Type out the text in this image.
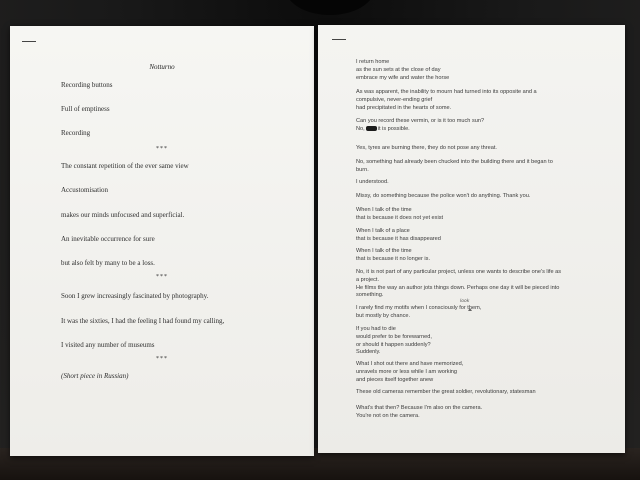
Notturno
Recording buttons
Full of emptiness
Recording
***
The constant repetition of the ever same view
Accustomisation
makes our minds unfocused and superficial.
An inevitable occurrence for sure
but also felt by many to be a loss.
***
Soon I grew increasingly fascinated by photography.
It was the sixties, I had the feeling I had found my calling,
I visited any number of museums
***
(Short piece in Russian)
I return home
as the sun sets at the close of day
embrace my wife and water the horse
As was apparent, the inability to mourn had turned into its opposite and a
compulsive, never-ending grief
had precipitated in the hearts of some.
Can you record these vermin, or is it too much sun?
No, it is possible.
Yes, tyres are burning there, they do not pose any threat.
No, something had already been chucked into the building there and it began to
burn.
I understood.
Missy, do something because the police won't do anything. Thank you.
When I talk of the time
that is because it does not yet exist
When I talk of a place
that is because it has disappeared
When I talk of the time
that is because it no longer is.
No, it is not part of any particular project, unless one wants to describe one's life as
a project.
He films the way an author jots things down. Perhaps one day it will be pieced into
something.
look
I rarely find my motifs when I consciously for them,
but mostly by chance.
If you had to die
would prefer to be forewarned,
or should it happen suddenly?
Suddenly.
What I shot out there and have memorized,
unravels more or less while I am working
and pieces itself together anew
These old cameras remember the great soldier, revolutionary, statesman
What's that then? Because I'm also on the camera.
You're not on the camera.
